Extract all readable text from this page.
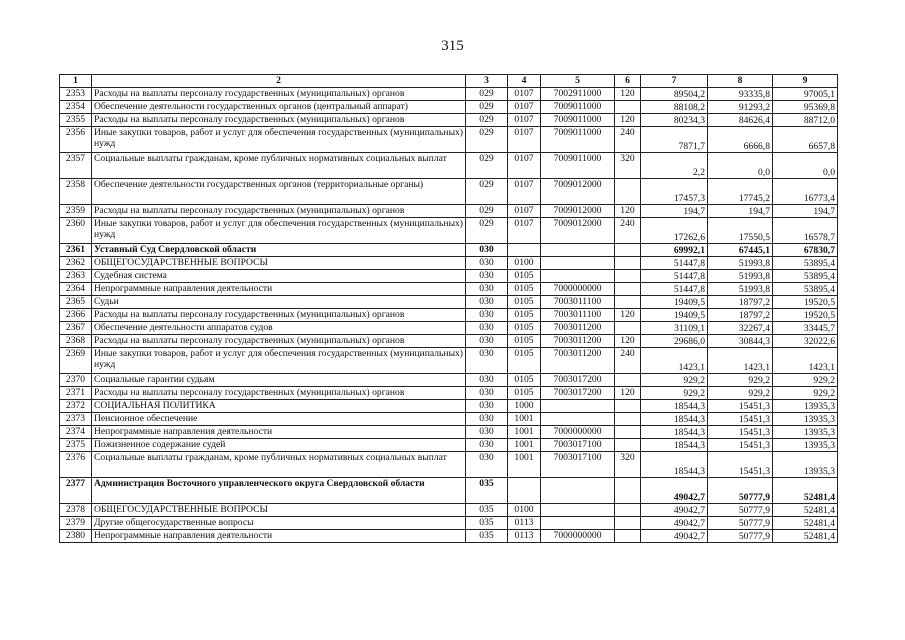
315
1	2	3	4	5	6	7	8	9
2353	Расходы на выплаты персоналу государственных (муниципальных) органов	029	0107	7002911000	120	89504,2	93335,8	97005,1
2354	Обеспечение деятельности государственных органов (центральный аппарат)	029	0107	7009011000		88108,2	91293,2	95369,8
2355	Расходы на выплаты персоналу государственных (муниципальных) органов	029	0107	7009011000	120	80234,3	84626,4	88712,0
2356	Иные закупки товаров, работ и услуг для обеспечения государственных (муниципальных) нужд	029	0107	7009011000	240	7871,7	6666,8	6657,8
2357	Социальные выплаты гражданам, кроме публичных нормативных социальных выплат	029	0107	7009011000	320	2,2	0,0	0,0
2358	Обеспечение деятельности государственных органов (территориальные органы)	029	0107	7009012000		17457,3	17745,2	16773,4
2359	Расходы на выплаты персоналу государственных (муниципальных) органов	029	0107	7009012000	120	194,7	194,7	194,7
2360	Иные закупки товаров, работ и услуг для обеспечения государственных (муниципальных) нужд	029	0107	7009012000	240	17262,6	17550,5	16578,7
2361	Уставный Суд Свердловской области	030				69992,1	67445,1	67830,7
2362	ОБЩЕГОСУДАРСТВЕННЫЕ ВОПРОСЫ	030	0100			51447,8	51993,8	53895,4
2363	Судебная система	030	0105			51447,8	51993,8	53895,4
2364	Непрограммные направления деятельности	030	0105	7000000000		51447,8	51993,8	53895,4
2365	Судьи	030	0105	7003011100		19409,5	18797,2	19520,5
2366	Расходы на выплаты персоналу государственных (муниципальных) органов	030	0105	7003011100	120	19409,5	18797,2	19520,5
2367	Обеспечение деятельности аппаратов судов	030	0105	7003011200		31109,1	32267,4	33445,7
2368	Расходы на выплаты персоналу государственных (муниципальных) органов	030	0105	7003011200	120	29686,0	30844,3	32022,6
2369	Иные закупки товаров, работ и услуг для обеспечения государственных (муниципальных) нужд	030	0105	7003011200	240	1423,1	1423,1	1423,1
2370	Социальные гарантии судьям	030	0105	7003017200		929,2	929,2	929,2
2371	Расходы на выплаты персоналу государственных (муниципальных) органов	030	0105	7003017200	120	929,2	929,2	929,2
2372	СОЦИАЛЬНАЯ ПОЛИТИКА	030	1000			18544,3	15451,3	13935,3
2373	Пенсионное обеспечение	030	1001			18544,3	15451,3	13935,3
2374	Непрограммные направления деятельности	030	1001	7000000000		18544,3	15451,3	13935,3
2375	Пожизненное содержание судей	030	1001	7003017100		18544,3	15451,3	13935,3
2376	Социальные выплаты гражданам, кроме публичных нормативных социальных выплат	030	1001	7003017100	320	18544,3	15451,3	13935,3
2377	Администрация Восточного управленческого округа Свердловской области	035				49042,7	50777,9	52481,4
2378	ОБЩЕГОСУДАРСТВЕННЫЕ ВОПРОСЫ	035	0100			49042,7	50777,9	52481,4
2379	Другие общегосударственные вопросы	035	0113			49042,7	50777,9	52481,4
2380	Непрограммные направления деятельности	035	0113	7000000000		49042,7	50777,9	52481,4
